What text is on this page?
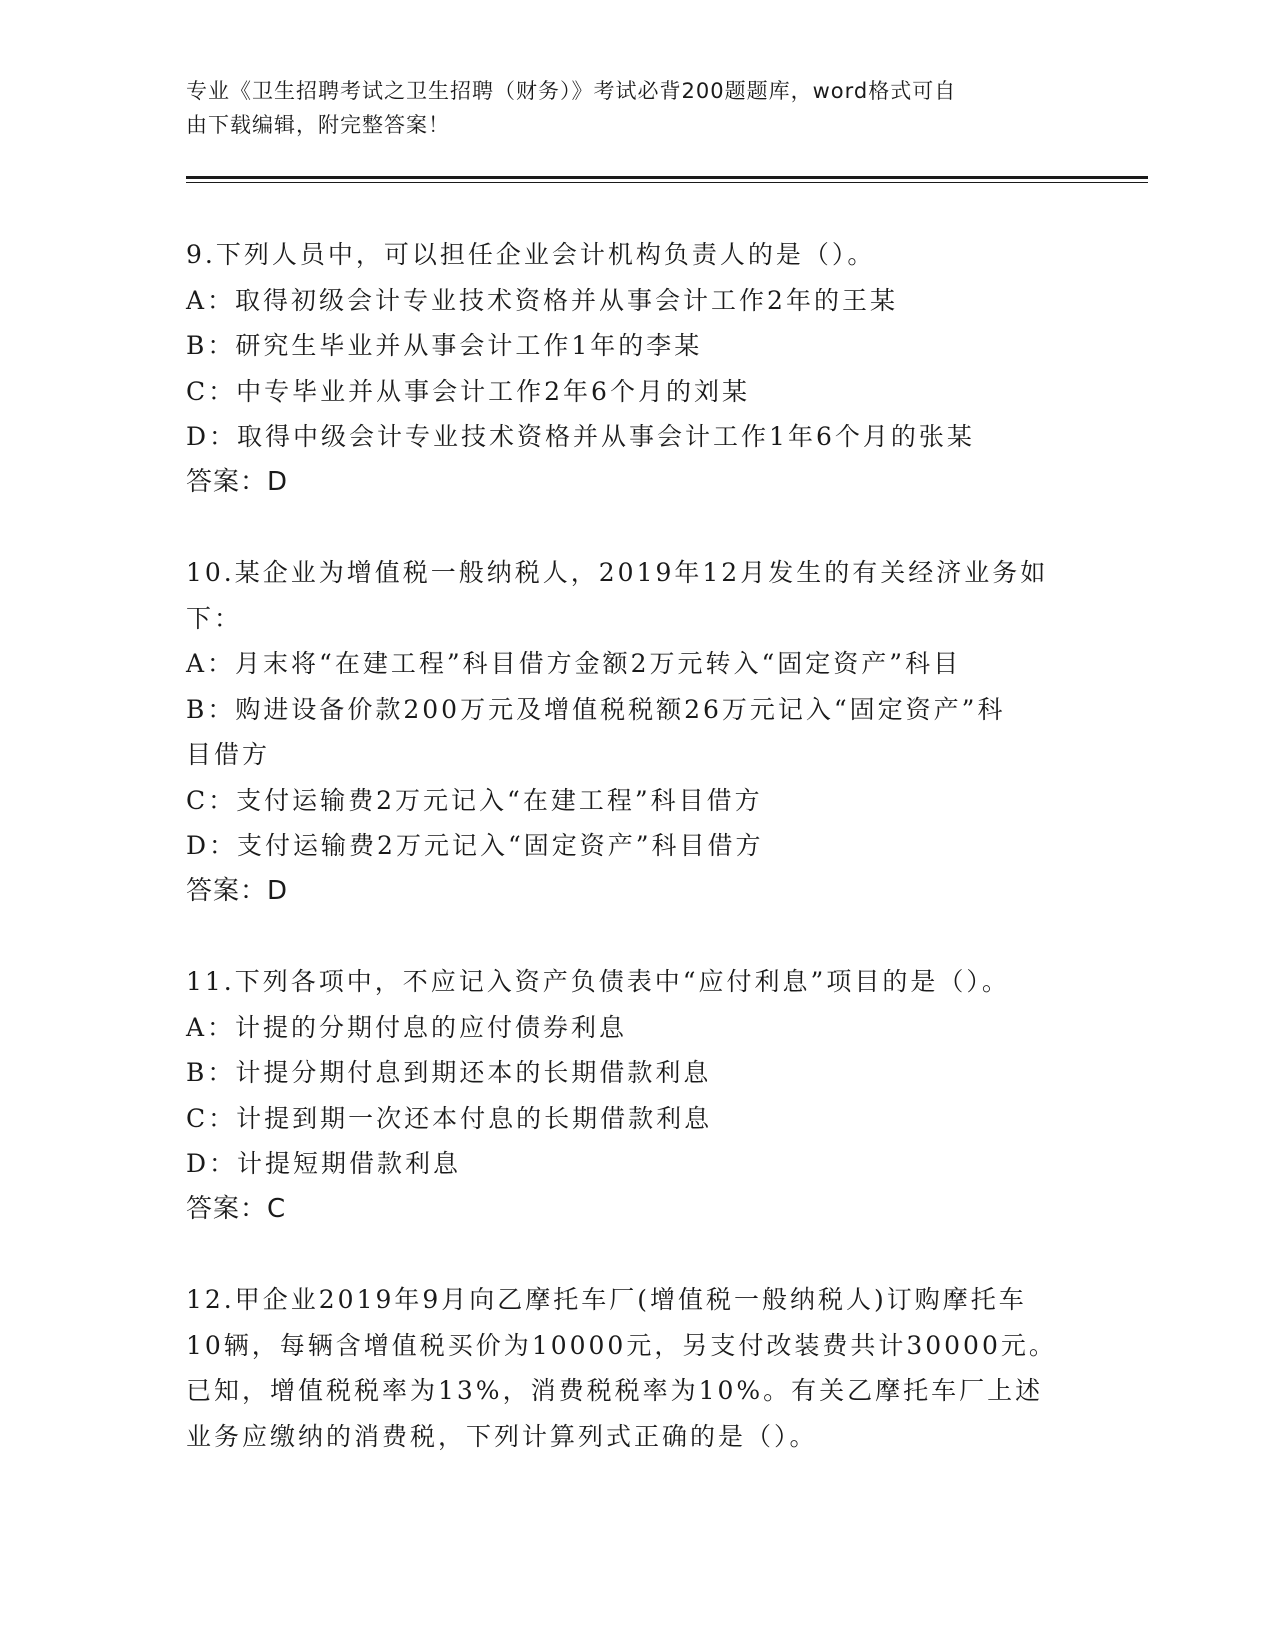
专业《卫生招聘考试之卫生招聘（财务）》考试必背200题题库，word格式可自
由下载编辑，附完整答案！

9.下列人员中，可以担任企业会计机构负责人的是（）。

A：取得初级会计专业技术资格并从事会计工作2年的王某

B：研究生毕业并从事会计工作1年的李某

C：中专毕业并从事会计工作2年6个月的刘某

D：取得中级会计专业技术资格并从事会计工作1年6个月的张某

答案：D

10.某企业为增值税一般纳税人，2019年12月发生的有关经济业务如

下：

A：月末将“在建工程”科目借方金额2万元转入“固定资产”科目

B：购进设备价款200万元及增值税税额26万元记入“固定资产”科

目借方

C：支付运输费2万元记入“在建工程”科目借方

D：支付运输费2万元记入“固定资产”科目借方

答案：D

11.下列各项中，不应记入资产负债表中“应付利息”项目的是（）。

A：计提的分期付息的应付债券利息

B：计提分期付息到期还本的长期借款利息

C：计提到期一次还本付息的长期借款利息

D：计提短期借款利息

答案：C

12.甲企业2019年9月向乙摩托车厂(增值税一般纳税人)订购摩托车

10辆，每辆含增值税买价为10000元，另支付改装费共计30000元。

已知，增值税税率为13%，消费税税率为10%。有关乙摩托车厂上述

业务应缴纳的消费税，下列计算列式正确的是（）。
